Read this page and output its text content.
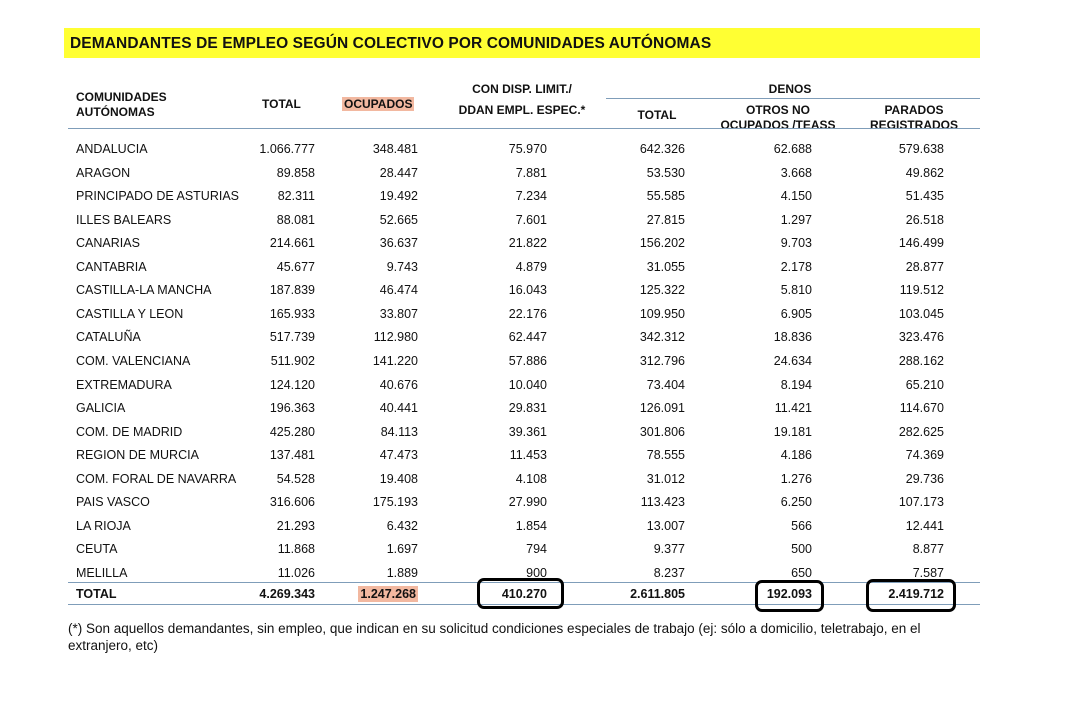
DEMANDANTES DE EMPLEO SEGÚN COLECTIVO POR COMUNIDADES AUTÓNOMAS
COMUNIDADES AUTÓNOMAS
TOTAL	OCUPADOS
CON DISP. LIMIT./
DDAN EMPL. ESPEC.*
DENOS
TOTAL	OTROS NO OCUPADOS /TEASS
PARADOS REGISTRADOS
ANDALUCIA	1.066.777	348.481	75.970	642.326	62.688	579.638
ARAGON	89.858	28.447	7.881	53.530	3.668	49.862
PRINCIPADO DE ASTURIAS	82.311	19.492	7.234	55.585	4.150	51.435
ILLES BALEARS	88.081	52.665	7.601	27.815	1.297	26.518
CANARIAS	214.661	36.637	21.822	156.202	9.703	146.499
CANTABRIA	45.677	9.743	4.879	31.055	2.178	28.877
CASTILLA-LA MANCHA	187.839	46.474	16.043	125.322	5.810	119.512
CASTILLA Y LEON	165.933	33.807	22.176	109.950	6.905	103.045
CATALUÑA	517.739	112.980	62.447	342.312	18.836	323.476
COM. VALENCIANA	511.902	141.220	57.886	312.796	24.634	288.162
EXTREMADURA	124.120	40.676	10.040	73.404	8.194	65.210
GALICIA	196.363	40.441	29.831	126.091	11.421	114.670
COM. DE MADRID	425.280	84.113	39.361	301.806	19.181	282.625
REGION DE MURCIA	137.481	47.473	11.453	78.555	4.186	74.369
COM. FORAL DE NAVARRA	54.528	19.408	4.108	31.012	1.276	29.736
PAIS VASCO	316.606	175.193	27.990	113.423	6.250	107.173
LA RIOJA	21.293	6.432	1.854	13.007	566	12.441
CEUTA	11.868	1.697	794	9.377	500	8.877
MELILLA	11.026	1.889	900	8.237	650	7.587
TOTAL	4.269.343	1.247.268	410.270	2.611.805	192.093	2.419.712
(*) Son aquellos demandantes, sin empleo, que indican en su solicitud condiciones especiales de trabajo (ej: sólo a domicilio, teletrabajo, en el extranjero, etc)
